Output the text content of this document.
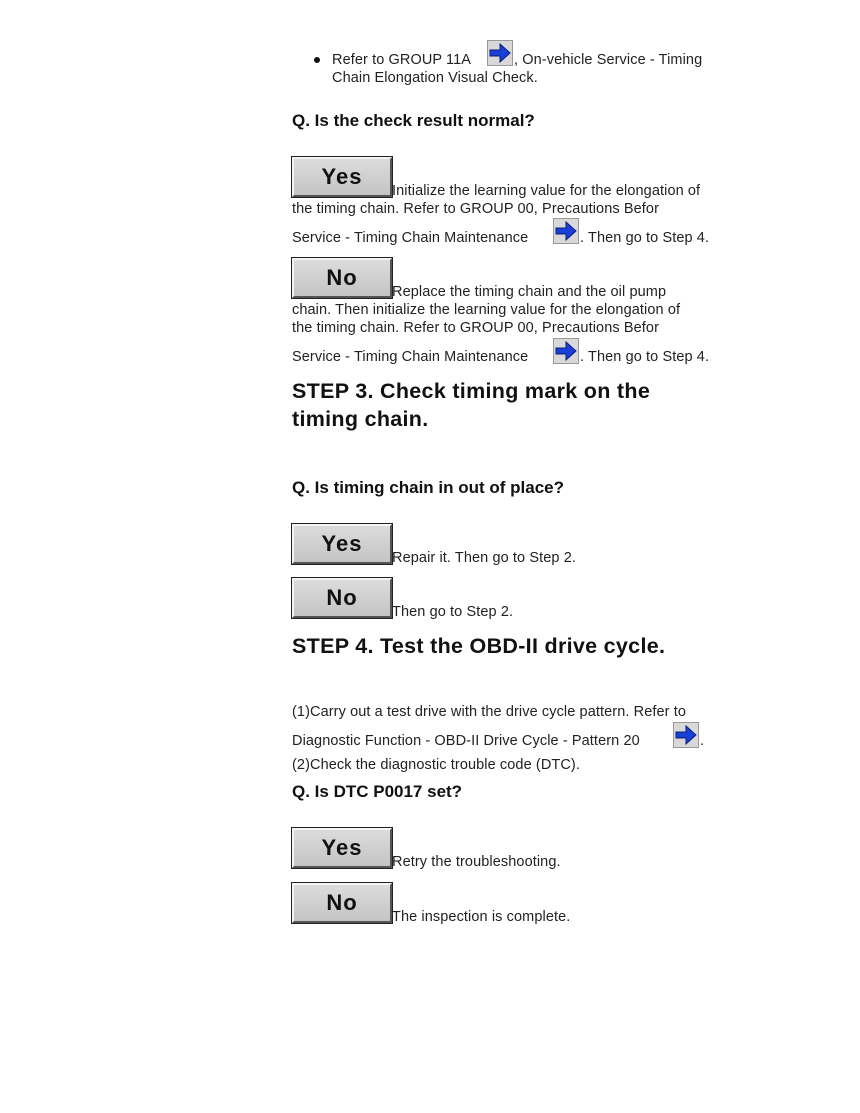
Refer to GROUP 11A	, On-vehicle Service - Timing
Chain Elongation Visual Check.
Q. Is the check result normal?
Yes
Initialize the learning value for the elongation of
the timing chain. Refer to GROUP 00, Precautions Befor
Service - Timing Chain Maintenance	. Then go to Step 4.
No
Replace the timing chain and the oil pump
chain. Then initialize the learning value for the elongation of
the timing chain. Refer to GROUP 00, Precautions Befor
Service - Timing Chain Maintenance	. Then go to Step 4.
STEP 3. Check timing mark on the
timing chain.
Q. Is timing chain in out of place?
Yes
Repair it. Then go to Step 2.
No
Then go to Step 2.
STEP 4. Test the OBD-II drive cycle.
(1)Carry out a test drive with the drive cycle pattern. Refer to
Diagnostic Function - OBD-II Drive Cycle - Pattern 20	.
(2)Check the diagnostic trouble code (DTC).
Q. Is DTC P0017 set?
Yes
Retry the troubleshooting.
No
The inspection is complete.
